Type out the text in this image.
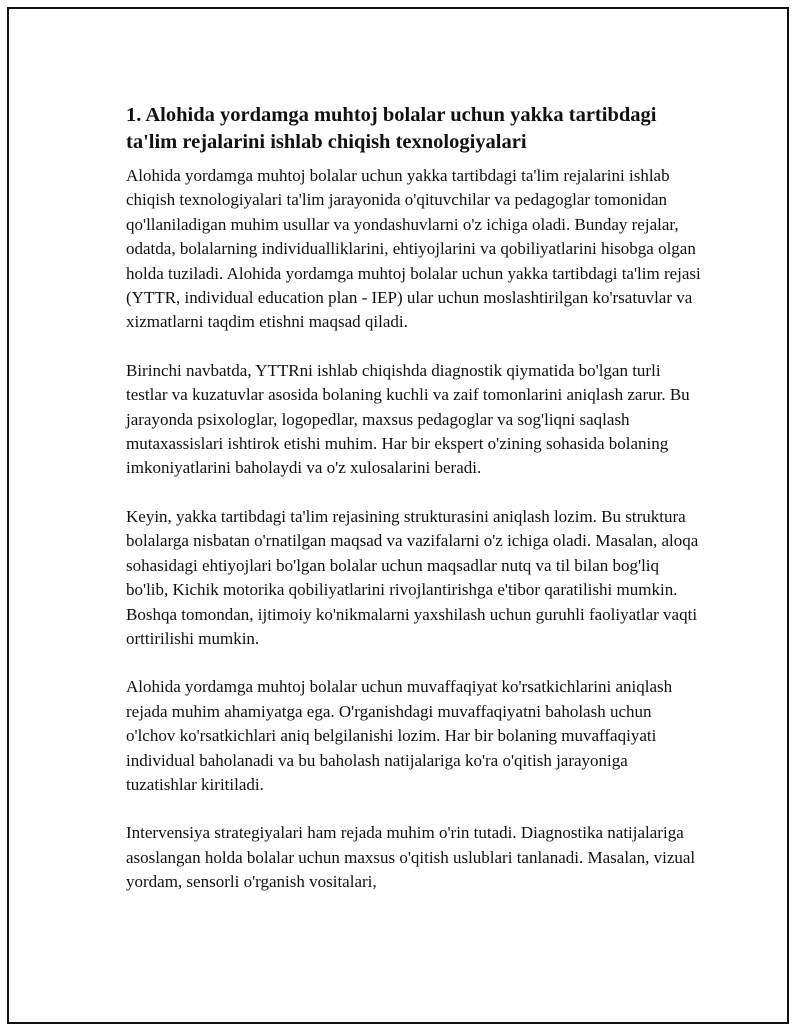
1. Alohida yordamga muhtoj bolalar uchun yakka tartibdagi ta'lim rejalarini ishlab chiqish texnologiyalari

Alohida yordamga muhtoj bolalar uchun yakka tartibdagi ta'lim rejalarini ishlab chiqish texnologiyalari ta'lim jarayonida o'qituvchilar va pedagoglar tomonidan qo'llaniladigan muhim usullar va yondashuvlarni o'z ichiga oladi. Bunday rejalar, odatda, bolalarning individualliklarini, ehtiyojlarini va qobiliyatlarini hisobga olgan holda tuziladi. Alohida yordamga muhtoj bolalar uchun yakka tartibdagi ta'lim rejasi (YTTR, individual education plan - IEP) ular uchun moslashtirilgan ko'rsatuvlar va xizmatlarni taqdim etishni maqsad qiladi.

Birinchi navbatda, YTTRni ishlab chiqishda diagnostik qiymatida bo'lgan turli testlar va kuzatuvlar asosida bolaning kuchli va zaif tomonlarini aniqlash zarur. Bu jarayonda psixologlar, logopedlar, maxsus pedagoglar va sog'liqni saqlash mutaxassislari ishtirok etishi muhim. Har bir ekspert o'zining sohasida bolaning imkoniyatlarini baholaydi va o'z xulosalarini beradi.

Keyin, yakka tartibdagi ta'lim rejasining strukturasini aniqlash lozim. Bu struktura bolalarga nisbatan o'rnatilgan maqsad va vazifalarni o'z ichiga oladi. Masalan, aloqa sohasidagi ehtiyojlari bo'lgan bolalar uchun maqsadlar nutq va til bilan bog'liq bo'lib, Kichik motorika qobiliyatlarini rivojlantirishga e'tibor qaratilishi mumkin. Boshqa tomondan, ijtimoiy ko'nikmalarni yaxshilash uchun guruhli faoliyatlar vaqti orttirilishi mumkin.

Alohida yordamga muhtoj bolalar uchun muvaffaqiyat ko'rsatkichlarini aniqlash rejada muhim ahamiyatga ega. O'rganishdagi muvaffaqiyatni baholash uchun o'lchov ko'rsatkichlari aniq belgilanishi lozim. Har bir bolaning muvaffaqiyati individual baholanadi va bu baholash natijalariga ko'ra o'qitish jarayoniga tuzatishlar kiritiladi.

Intervensiya strategiyalari ham rejada muhim o'rin tutadi. Diagnostika natijalariga asoslangan holda bolalar uchun maxsus o'qitish uslublari tanlanadi. Masalan, vizual yordam, sensorli o'rganish vositalari,
